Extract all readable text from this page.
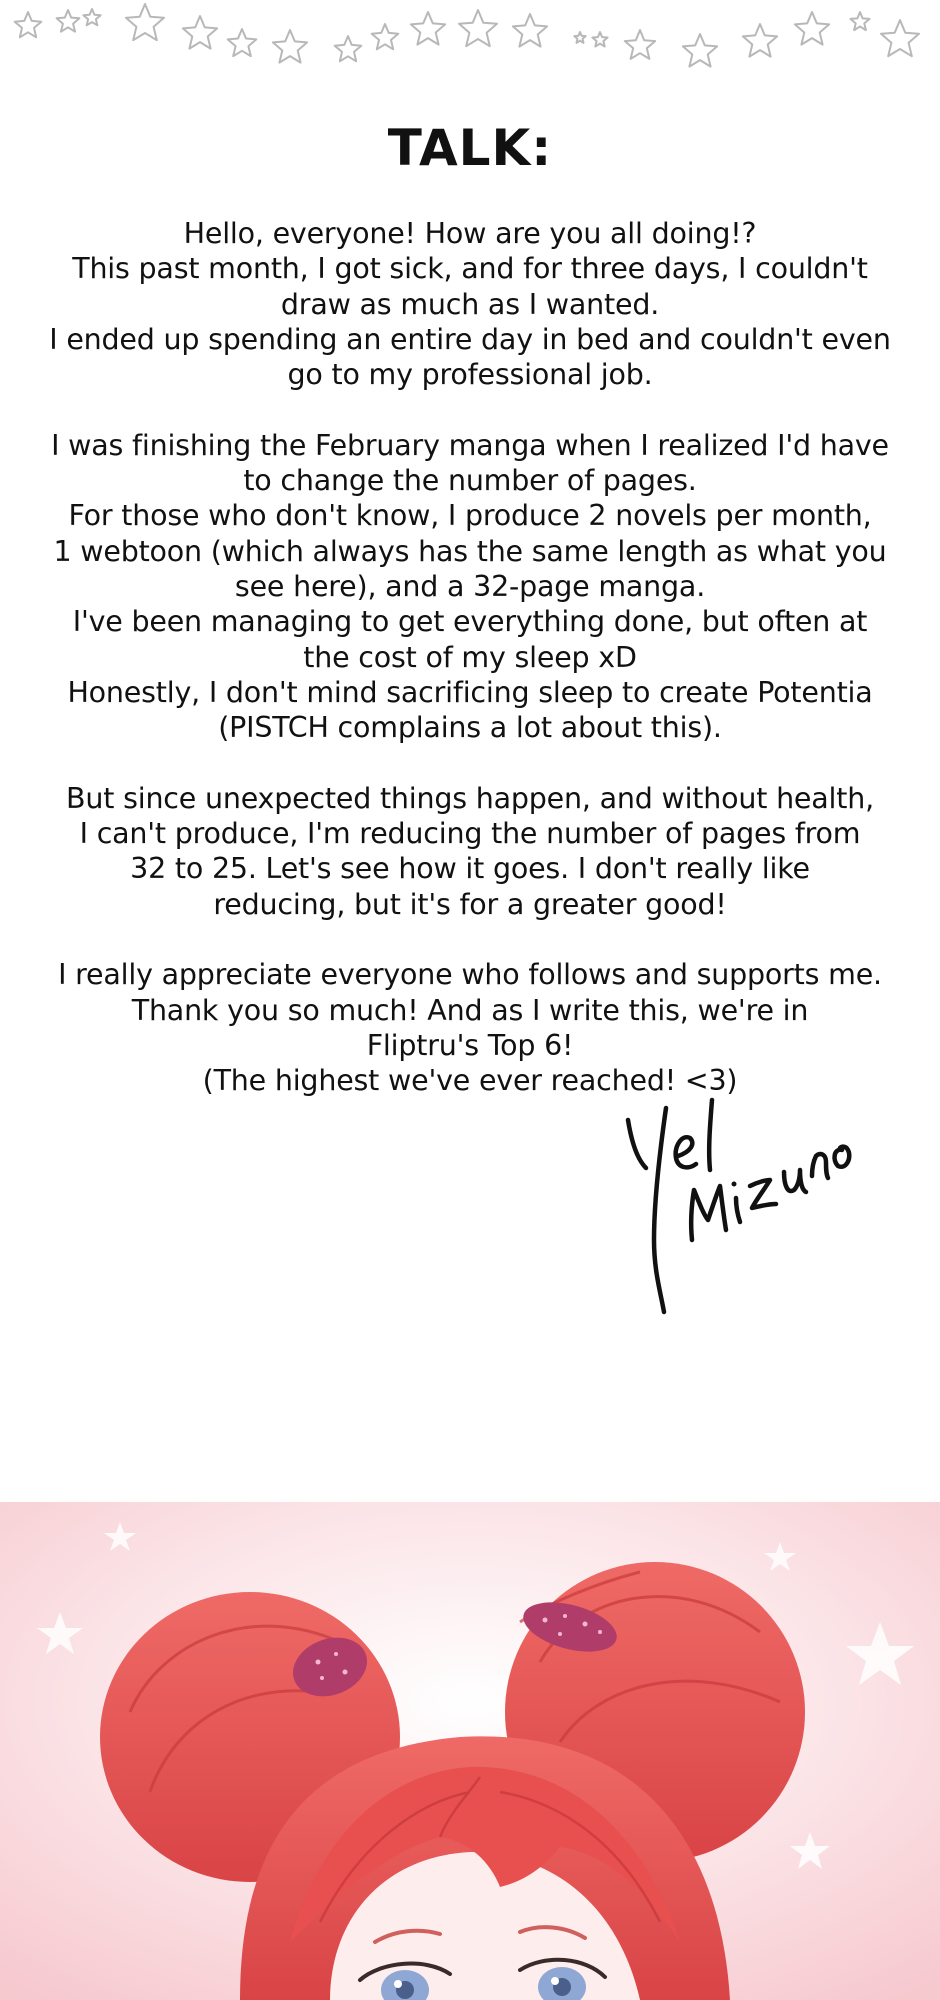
TALK:

Hello, everyone! How are you all doing!?
This past month, I got sick, and for three days, I couldn't
draw as much as I wanted.
I ended up spending an entire day in bed and couldn't even
go to my professional job.

I was finishing the February manga when I realized I'd have
to change the number of pages.
For those who don't know, I produce 2 novels per month,
1 webtoon (which always has the same length as what you
see here), and a 32-page manga.
I've been managing to get everything done, but often at
the cost of my sleep xD
Honestly, I don't mind sacrificing sleep to create Potentia
(PISTCH complains a lot about this).

But since unexpected things happen, and without health,
I can't produce, I'm reducing the number of pages from
32 to 25. Let's see how it goes. I don't really like
reducing, but it's for a greater good!

I really appreciate everyone who follows and supports me.
Thank you so much! And as I write this, we're in
Fliptru's Top 6!
(The highest we've ever reached! <3)
